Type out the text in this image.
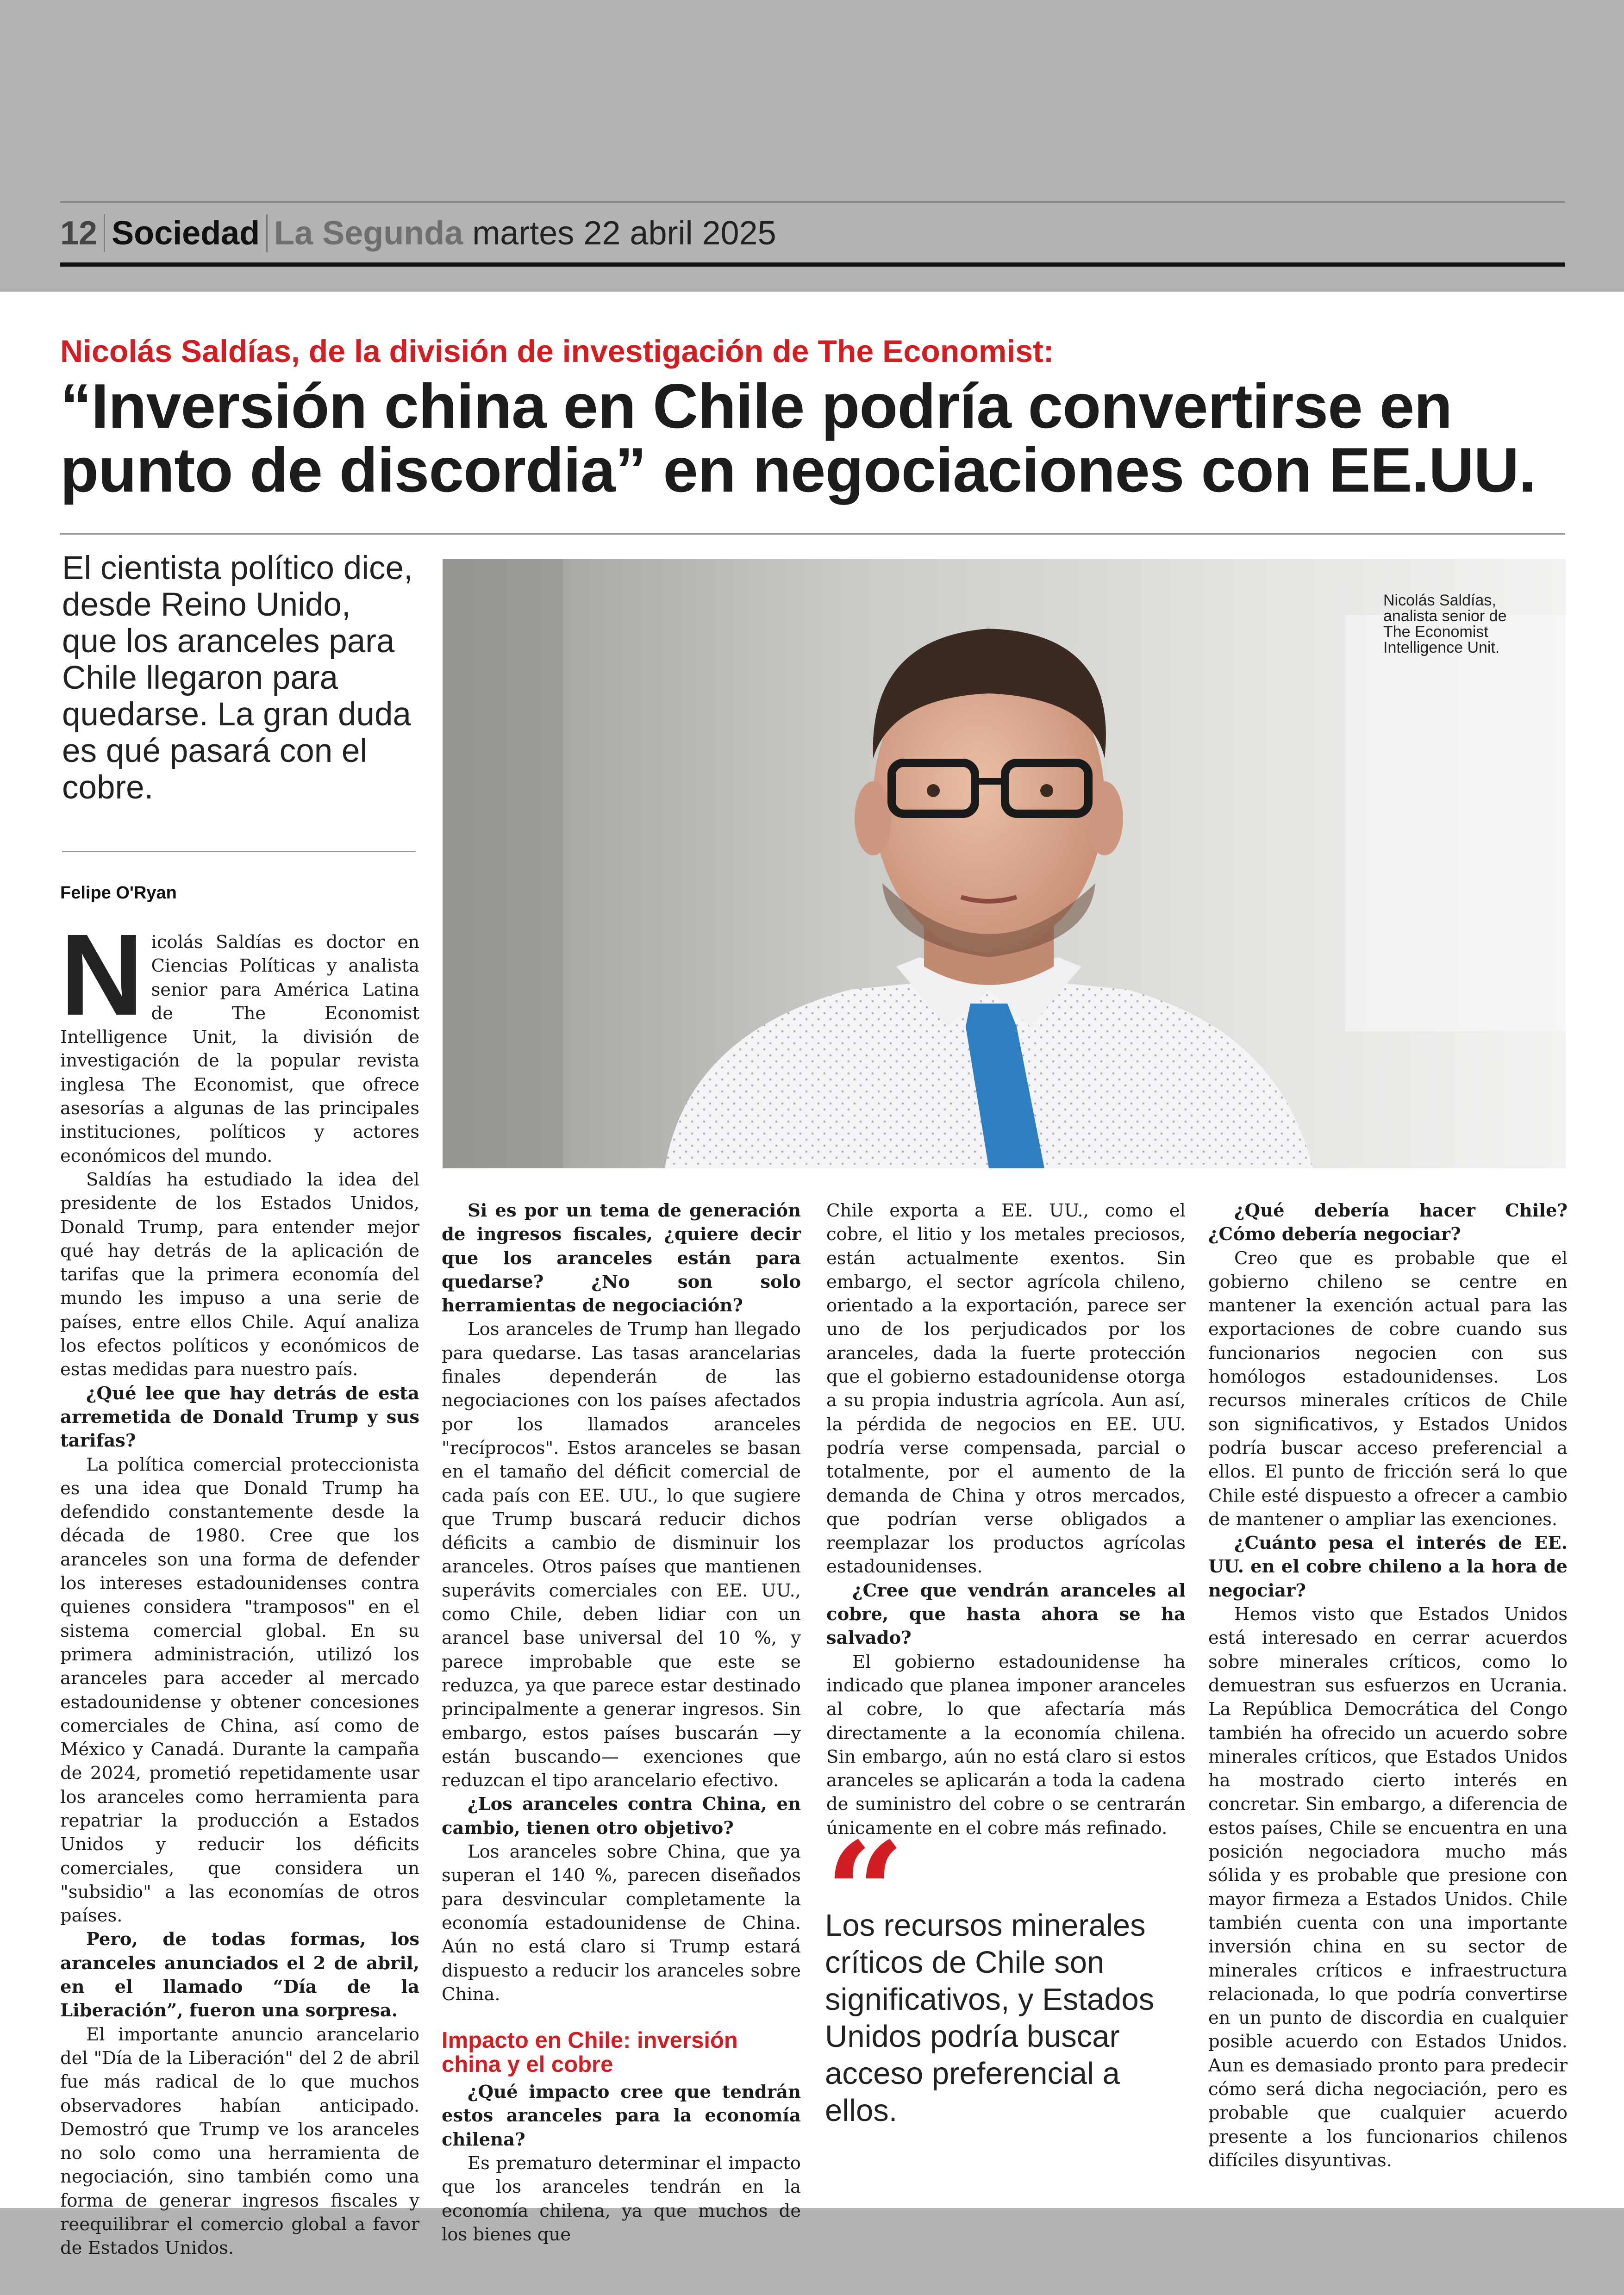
12 Sociedad La Segunda martes 22 abril 2025
Nicolás Saldías, de la división de investigación de The Economist:
“Inversión china en Chile podría convertirse en punto de discordia” en negociaciones con EE.UU.
El cientista político dice, desde Reino Unido, que los aranceles para Chile llegaron para quedarse. La gran duda es qué pasará con el cobre.
Felipe O'Ryan
Nicolás Saldías,
analista senior de
The Economist
Intelligence Unit.

Nicolás Saldías es doctor en Ciencias Políticas y analista senior para América Latina de The Economist Intelligence Unit, la división de investigación de la popular revista inglesa The Economist, que ofrece asesorías a algunas de las principales instituciones, políticos y actores económicos del mundo.

Saldías ha estudiado la idea del presidente de los Estados Unidos, Donald Trump, para entender mejor qué hay detrás de la aplicación de tarifas que la primera economía del mundo les impuso a una serie de países, entre ellos Chile. Aquí analiza los efectos políticos y económicos de estas medidas para nuestro país.

¿Qué lee que hay detrás de esta arremetida de Donald Trump y sus tarifas?

La política comercial proteccionista es una idea que Donald Trump ha defendido constantemente desde la década de 1980. Cree que los aranceles son una forma de defender los intereses estadounidenses contra quienes considera "tramposos" en el sistema comercial global. En su primera administración, utilizó los aranceles para acceder al mercado estadounidense y obtener concesiones comerciales de China, así como de México y Canadá. Durante la campaña de 2024, prometió repetidamente usar los aranceles como herramienta para repatriar la producción a Estados Unidos y reducir los déficits comerciales, que considera un "subsidio" a las economías de otros países.

Pero, de todas formas, los aranceles anunciados el 2 de abril, en el llamado “Día de la Liberación”, fueron una sorpresa.

El importante anuncio arancelario del "Día de la Liberación" del 2 de abril fue más radical de lo que muchos observadores habían anticipado. Demostró que Trump ve los aranceles no solo como una herramienta de negociación, sino también como una forma de generar ingresos fiscales y reequilibrar el comercio global a favor de Estados Unidos.

Si es por un tema de generación de ingresos fiscales, ¿quiere decir que los aranceles están para quedarse? ¿No son solo herramientas de negociación?

Los aranceles de Trump han llegado para quedarse. Las tasas arancelarias finales dependerán de las negociaciones con los países afectados por los llamados aranceles "recíprocos". Estos aranceles se basan en el tamaño del déficit comercial de cada país con EE. UU., lo que sugiere que Trump buscará reducir dichos déficits a cambio de disminuir los aranceles. Otros países que mantienen superávits comerciales con EE. UU., como Chile, deben lidiar con un arancel base universal del 10 %, y parece improbable que este se reduzca, ya que parece estar destinado principalmente a generar ingresos. Sin embargo, estos países buscarán —y están buscando— exenciones que reduzcan el tipo arancelario efectivo.

¿Los aranceles contra China, en cambio, tienen otro objetivo?

Los aranceles sobre China, que ya superan el 140 %, parecen diseñados para desvincular completamente la economía estadounidense de China. Aún no está claro si Trump estará dispuesto a reducir los aranceles sobre China.

Impacto en Chile: inversión china y el cobre

¿Qué impacto cree que tendrán estos aranceles para la economía chilena?

Es prematuro determinar el impacto que los aranceles tendrán en la economía chilena, ya que muchos de los bienes que

Chile exporta a EE. UU., como el cobre, el litio y los metales preciosos, están actualmente exentos. Sin embargo, el sector agrícola chileno, orientado a la exportación, parece ser uno de los perjudicados por los aranceles, dada la fuerte protección que el gobierno estadounidense otorga a su propia industria agrícola. Aun así, la pérdida de negocios en EE. UU. podría verse compensada, parcial o totalmente, por el aumento de la demanda de China y otros mercados, que podrían verse obligados a reemplazar los productos agrícolas estadounidenses.

¿Cree que vendrán aranceles al cobre, que hasta ahora se ha salvado?

El gobierno estadounidense ha indicado que planea imponer aranceles al cobre, lo que afectaría más directamente a la economía chilena. Sin embargo, aún no está claro si estos aranceles se aplicarán a toda la cadena de suministro del cobre o se centrarán únicamente en el cobre más refinado.

¿Qué debería hacer Chile? ¿Cómo debería negociar?

Creo que es probable que el gobierno chileno se centre en mantener la exención actual para las exportaciones de cobre cuando sus funcionarios negocien con sus homólogos estadounidenses. Los recursos minerales críticos de Chile son significativos, y Estados Unidos podría buscar acceso preferencial a ellos. El punto de fricción será lo que Chile esté dispuesto a ofrecer a cambio de mantener o ampliar las exenciones.

¿Cuánto pesa el interés de EE. UU. en el cobre chileno a la hora de negociar?

Hemos visto que Estados Unidos está interesado en cerrar acuerdos sobre minerales críticos, como lo demuestran sus esfuerzos en Ucrania. La República Democrática del Congo también ha ofrecido un acuerdo sobre minerales críticos, que Estados Unidos ha mostrado cierto interés en concretar. Sin embargo, a diferencia de estos países, Chile se encuentra en una posición negociadora mucho más sólida y es probable que presione con mayor firmeza a Estados Unidos. Chile también cuenta con una importante inversión china en su sector de minerales críticos e infraestructura relacionada, lo que podría convertirse en un punto de discordia en cualquier posible acuerdo con Estados Unidos. Aun es demasiado pronto para predecir cómo será dicha negociación, pero es probable que cualquier acuerdo presente a los funcionarios chilenos difíciles disyuntivas.

“
Los recursos minerales críticos de Chile son significativos, y Estados Unidos podría buscar acceso preferencial a ellos.
